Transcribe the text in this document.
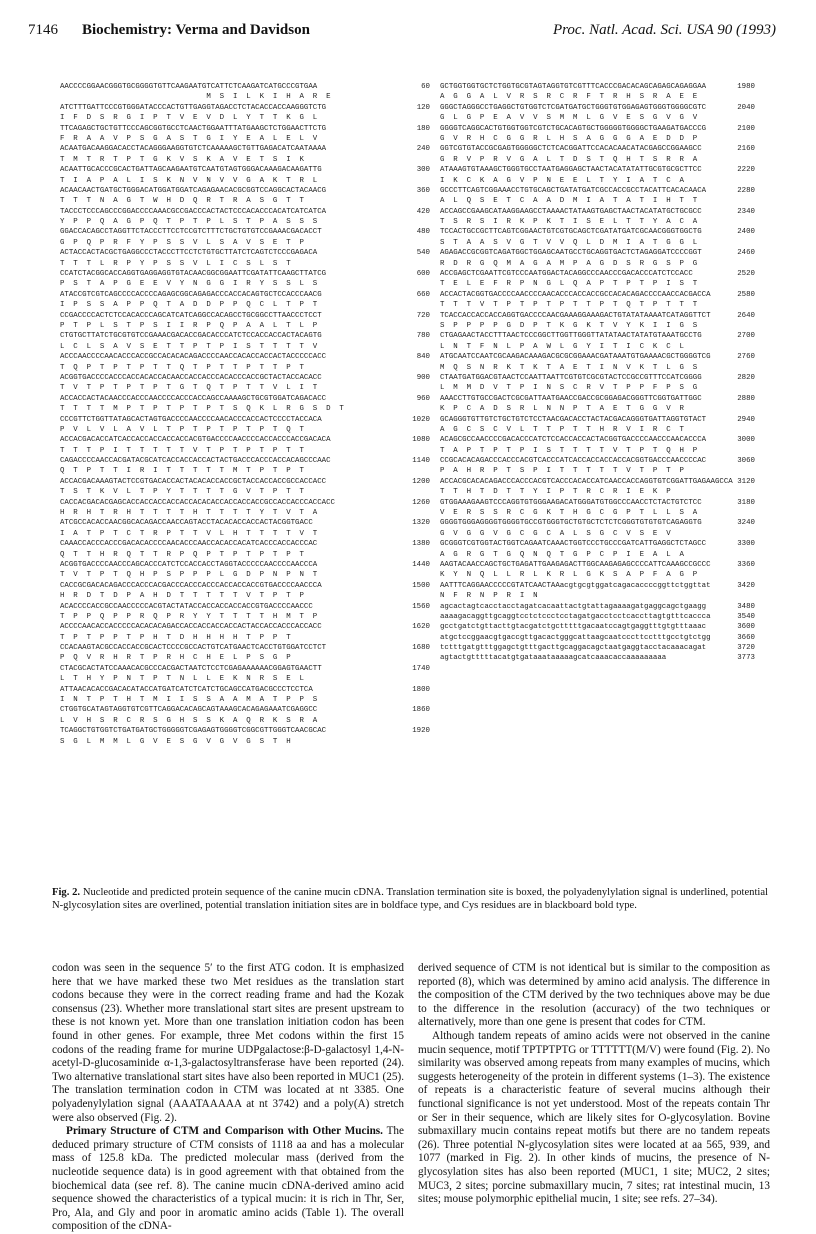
7146 Biochemistry: Verma and Davidson	Proc. Natl. Acad. Sci. USA 90 (1993)
AACCCCGGAACGGGTGCGGGGTGTTCAAGAATGTCATTCTCAAGATCATGCCCGTGAA	60
M  S  I  L  K  I  H  A  R  E
ATCTTTGATTCCCGTGGGATACCCACTGTTGAGGTAGACCTCTACACCACCAAGGGTCTG	120
I  F  D  S  R  G  I  P  T  V  E  V  D  L  Y  T  T  K  G  L
TTCAGAGCTGCTGTTCCCAGCGGTGCCTCAACTGGAATTTATGAAGCTCTGGAACTTCTG	180
F  R  A  A  V  P  S  G  A  S  T  G  I  Y  E  A  L  E  L  V
ACAATGACAAGGACACCTACAGGGAAGGTGTCTCAAAAAGCTGTTGAGACATCAATAAAA	240
T  M  T  R  T  P  T  G  K  V  S  K  A  V  E  T  S  I  K
ACAATTGCACCCGCACTGATTAGCAAGAATGTCAATGTAGTGGGACAAAGACAAGATTG	300
T  I  A  P  A  L  I  S  K  N  V  N  V  V  G  A  K  T  R  L
ACAACAACTGATGCTGGGACATGGATGGATCAGAGAACACGCGGTCCAGGCACTACAACG	360
T  T  T  N  A  G  T  W  H  D  Q  R  T  R  A  S  G  T  T
TACCCTCCCAGCCCGGACCCCAAACGCCGACCCACTACTCCCACACCCACATCATCATCA	420
Y  P  P  Q  A  G  P  Q  T  P  T  P  L  S  T  P  A  S  S  S
GGACCACAGCCTAGGTTCTACCCTTCCTCCGTCTTTCTGCTGTGTCCGAAACGACACCT	480
G  P  Q  P  R  F  Y  P  S  S  V  L  S  A  V  S  E  T  P
ACTACCACTACGCTGAGGCCCTACCCTTCCTCTGTGCTTATCTCAGTCTCCCGAGACA	540
T  T  T  L  R  P  Y  P  S  S  V  L  I  C  S  L  S  T
CCATCTACGGCACCAGGTGAGGAGGTGTACAACGGCGGAATTCGATATTCAAGCTTATCG	600
P  S  T  A  P  G  E  E  V  Y  N  G  G  I  R  Y  S  S  L  S
ATACCGTCGTCAGCCCCACCCCAGAGCGGCAGAGACCCACCACAGTGCTCCACCCAACG	660
I  P  S  S  A  P  P  Q  T  A  D  D  P  P  Q  C  L  T  P  T
CCGACCCCACTCTCCACACCCAGCATCATCAGGCCACAGCCTGCGGCCTTAACCCTCCT	720
P  T  P  L  S  T  P  S  I  I  R  P  Q  P  A  A  L  T  L  P
CTGTGCTTATCTGCGTGTCCGAAACGACACCGACACCCATCTCCACCACCACTACAGTG	780
L  C  L  S  A  V  S  E  T  T  P  T  P  I  S  T  T  T  T  V
ACCCAACCCCAACACCCACCGCCACACACAGACCCCAACCACACCACCACTACCCCCACC	840
T  Q  P  T  P  T  P  T  T  Q  T  P  T  T  P  T  T  P  T
ACGGTGACCCCACCCACCACACCACAACCACCACCCACACCCACCGCTACTACCACACC	900
T  V  T  P  T  P  T  P  T  G  T  Q  T  P  T  T  V  L  I  T
ACCACCACTACAACCCACCCAACCCCACCCACCAGCCAAAAGCTGCGTGGATCAGACACC	960
T  T  T  T  M  P  T  P  T  P  T  P  T  S  Q  K  L  R  G  S  D  T
CCCGTTCTGGTTATAGCACTAGTGACCCCAACCCCAACACCCACCACTCCCCTACCACA	1020
P  V  L  V  L  A  V  L  T  P  T  P  T  P  T  P  T  Q  T
ACCACGACACCATCACCACCACCACCACCACGTGACCCCAACCCCACCACCCACCGACACA	1080
T  T  T  P  I  T  T  T  T  T  V  T  P  T  P  T  P  T  T
CAGACCCCAACCACGATACGCATCACCACCACCACTACTGACCCACCCACCACAGCCCAAC	1140
Q  T  P  T  T  I  R  I  T  T  T  T  T  M  T  P  T  P  T
ACCACGACAAAGTACTCCGTGACACCACTACACACCACCGCTACCACCACCGCCACCACC	1200
T  S  T  K  V  L  T  P  Y  T  T  T  T  G  V  T  P  T  T
CACCACGACACGAGCACCACCACCACCACCACACACCACCACCACCGCCACCACCCACCACC	1260
H  R  H  T  R  H  T  T  T  T  H  T  T  T  T  Y  T  V  T  A
ATCGCCACACCAACGGCACAGACCAACCAGTACCTACACACCACCACTACGGTGACC	1320
I  A  T  P  T  C  T  R  P  T  T  V  L  H  T  T  T  T  V  T
CAAACCACCCACCCGACACACCCCAACACCCAACCACACCACATCACCCACCACCCAC	1380
Q  T  T  H  R  Q  T  T  R  P  Q  P  T  P  T  P  T  P  T
ACGGTGACCCCAACCCAGCACCCATCTCCACCACCTAGGTACCCCCAACCCCAACCCA	1440
T  V  T  P  T  Q  H  P  S  P  P  P  L  G  D  P  N  P  N  T
CACCGCGACACAGACCCACCCACGACCCACCCACCCACCACCACCGTGACCCCAACCCA	1500
H  R  D  T  D  P  A  H  D  T  T  T  T  T  V  T  P  T  P
ACACCCCACCGCCAACCCCCACGTACTATACCACCACCACCACCGTGACCCCAACCC	1560
T  P  P  Q  P  P  R  Q  P  R  Y  Y  T  T  T  T  H  M  T  P
ACCCCAACACCACCCCCACACACAGACCACCACCACCACCACTACCACCACCCACCACC	1620
T  P  T  P  P  T  P  H  T  D  H  H  H  H  T  P  P  T
CCACAAGTACGCCACCACCGCACTCCCCGCCACTGTCATGAACTCACCTGTGGATCCTCT	1680
P  Q  V  R  H  R  T  P  R  H  C  H  E  L  P  S  G  P
CTACGCACTATCCAAACACGCCCACGACTAATCTCCTCGAGAAAAAACGGAGTGAACTT	1740
L  T  H  Y  P  N  T  P  T  N  L  L  E  K  N  R  S  E  L
ATTAACACACCGACACATACCATGATCATCTCATCTGCAGCCATGACGCCCTCCTCA	1800
I  N  T  P  T  H  T  M  I  I  S  S  A  A  M  A  T  P  P  S
CTGGTGCATAGTAGGTGTCGTTCAGGACACAGCAGTAAAGCACAGAGAAATCGAGGCC	1860
L  V  H  S  R  C  R  S  G  H  S  S  K  A  Q  R  K  S  R  A
TCAGGCTGTGGTCTGATGATGCTGGGGGTCGAGAGTGGGGTCGGCGTTGGGTCAACGCAC	1920
S  G  L  M  M  L  G  V  E  S  G  V  G  V  G  S  T  H
GCTGGTGGTGCTCTGGTGCGTAGTAGGTGTCGTTTCACCCGACACAGCAGAGCAGAGGAA	1980
A  G  G  A  L  V  R  S  R  C  R  F  T  R  H  S  R  A  E  E
GGGCTAGGGCCTGAGGCTGTGGTCTCGATGATGCTGGGTGTGGAGAGTGGGTGGGGCGTC	2040
G  L  G  P  E  A  V  V  S  M  M  L  G  V  E  S  G  V  G  V
GGGGTCAGGCACTGTGGTGGTCGTCTGCACAGTGCTGGGGGTGGGGCTGAAGATGACCCG	2100
G  V  R  H  C  G  G  R  L  H  S  A  G  G  G  A  E  D  D  P
GGTCGTGTACCGCGAGTGGGGGCTCTCACGGATTCCACACAACATACGAGCCGGAAGCC	2160
G  R  V  P  R  V  G  A  L  T  D  S  T  Q  H  T  S  R  R  A
ATAAAGTGTAAAGCTGGGTGCCTAATGAGGAGCTAACTACATATATTGCGTGCGCTTCC	2220
I  K  C  K  A  G  V  P  N  E  E  L  T  Y  I  A  T  C  A
GCCCTTCAGTCGGAAACCTGTGCAGCTGATATGATCGCCACCGCCTACATTCACACAACA	2280
A  L  Q  S  E  T  C  A  A  D  M  I  A  T  A  T  I  H  T  T
ACCAGCCGAAGCATAAGGAAGCCTAAAACTATAAGTGAGCTAACTACATATGCTGCGCC	2340
T  S  R  S  I  R  K  P  K  T  I  S  E  L  T  T  Y  A  C  A
TCCACTGCCGCTTCAGTCGGAACTGTCGTGCAGCTCGATATGATCGCAACGGGTGGCTG	2400
S  T  A  A  S  V  G  T  V  V  Q  L  D  M  I  A  T  G  G  L
AGAGACCGCGGTCAGATGGCTGGAGCAATGCCTGCAGGTGACTCTAGAGGATCCCCGGT	2460
R  D  R  G  Q  M  A  G  A  M  P  A  G  D  S  R  G  S  P  G
ACCGAGCTCGAATTCGTCCCAATGGACTACAGGCCCAACCCGACACCCATCTCCACC	2520
T  E  L  E  F  R  P  N  G  L  Q  A  P  T  P  T  P  I  S  T
ACCACTACGGTGACCCCAACCCCAACACCCACCACCGCCACACAGACCCCAACCACGACCA	2580
T  T  T  V  T  P  T  P  T  P  T  T  P  T  Q  T  P  T  T  T
TCACCACCACCACCAGGTGACCCCAACGAAAGGAAAGACTGTATATAAAATCATAGGTTCT	2640
S  P  P  P  P  G  D  P  T  K  G  K  T  V  Y  K  I  I  G  S
CTGAGAACTACCTTTAACTCCCGGCTTGGTTGGGTTATATAACTATATGTAAATGCCTG	2700
L  N  T  F  N  L  P  A  W  L  G  Y  I  T  I  C  K  C  L
ATGCAATCCAATCGCAAGACAAAGACGCGCGGAAACGATAAATGTGAAAACGCTGGGGTCG	2760
M  Q  S  N  R  K  T  K  T  A  E  T  I  N  V  K  T  L  G  S
CTAATGATGGACGTAACTCCAATTAATTCGTGTCGCGTACTCCGCCGTTTCCATCGGGG	2820
L  M  M  D  V  T  P  I  N  S  C  R  V  T  P  P  F  P  S  G
AAACCTTGTGCCGACTCGCGATTAATGAACCGACCGCGGAGACGGGTTCGGTGATTGGC	2880
K  P  C  A  D  S  R  L  N  N  P  T  A  E  T  G  G  V  R
GCAGGGTGTTGTCTGCTGTCTCCTAACGACACCTACTACGACAGGGTGATTAGGTGTACT	2940
A  G  C  S  C  V  L  T  T  P  T  T  H  R  V  I  R  C  T
ACAGCGCCAACCCCGACACCCATCTCCACCACCACTACGGTGACCCCAACCCAACACCCA	3000
T  A  P  T  P  T  P  I  S  T  T  T  T  V  T  P  T  Q  H  P
CCGCACACAGACCCACCCACGTCACCCATCACCACCACCACCACGGTGACCCAACCCCAC	3060
P  A  H  R  P  T  S  P  I  T  T  T  T  T  V  T  P  T  P
ACCACGCACACAGACCCACCCACGTCACCCACACCATCAACCACCAGGTGTCGGATTGAGAAGCCA 3120
T  T  H  T  D  T  T  Y  I  P  T  R  C  R  I  E  K  P
GTGGAAAGAAGTCCCAGGTGTGGGAAGACATGGGATGTGGCCCAACCTCTACTGTCTCC	3180
V  E  R  S  S  R  C  G  K  T  H  G  C  G  P  T  L  L  S  A
GGGGTGGGAGGGGTGGGGTGCCGTGGGTGCTGTGCTCTCTCGGGTGTGTGTCAGAGGTG	3240
G  V  G  G  V  G  C  G  C  A  L  S  G  C  V  S  E  V
GCGGGTCGTGGTACTGGTCAGAATCAAACTGGTCCCTGCCCGATCATTGAGGCTCTAGCC	3300
A  G  R  G  T  G  Q  N  Q  T  G  P  C  P  I  E  A  L  A
AAGTACAACCAGCTGCTGAGATTGAAGAGACTTGGCAAGAGAGCCCCATTCAAAGCCGCCC	3360
K  Y  N  Q  L  L  R  L  K  R  L  G  K  S  A  P  F  A  G  P
AATTTCAGGAACCCCCGTATCAACTAAacgtgcgtggatcagacaccccggttctggttat	3420
N  F  R  N  P  R  I  N
agcactagtcacctacctagatcacaattactgtattagaaaagatgaggcagctgaagg	3480
aaaagacaggttgcaggtcctctccctcctagatgacctcctcaccttagtgtttcaccca	3540
gcctgatctgttacttgtacgatctgctttttgacaatccagtgaggtttgtgtttaaac	3600
atgctccggaacgtgaccgttgacactgggcattaagcaatcccttcctttgcctgtctgg	3660
tctttgatgtttggagctgtttgacttgcaggacagctaatgaggtacctacaaacagat	3720
agtactgtttttacatgtgataaataaaaagcatcaaacaccaaaaaaaaa	3773
Fig. 2. Nucleotide and predicted protein sequence of the canine mucin cDNA. Translation termination site is boxed, the polyadenylylation signal is underlined, potential N-glycosylation sites are overlined, potential translation initiation sites are in boldface type, and Cys residues are in blackboard bold type.

codon was seen in the sequence 5′ to the first ATG codon. It is emphasized here that we have marked these two Met residues as the translation start codons because they were in the correct reading frame and had the Kozak consensus (23). Whether more translational start sites are present upstream to these is not known yet. More than one translation initiation codon has been found in other genes. For example, three Met codons within the first 15 codons of the reading frame for murine UDPgalactose:β-D-galactosyl 1,4-N-acetyl-D-glucosaminide α-1,3-galactosyltransferase have been reported (24). Two alternative translational start sites have also been reported in MUC1 (25). The translation termination codon in CTM was located at nt 3385. One polyadenylylation signal (AAATAAAAA at nt 3742) and a poly(A) stretch were also observed (Fig. 2).

Primary Structure of CTM and Comparison with Other Mucins. The deduced primary structure of CTM consists of 1118 aa and has a molecular mass of 125.8 kDa. The predicted molecular mass (derived from the nucleotide sequence data) is in good agreement with that obtained from the biochemical data (see ref. 8). The canine mucin cDNA-derived amino acid sequence showed the characteristics of a typical mucin: it is rich in Thr, Ser, Pro, Ala, and Gly and poor in aromatic amino acids (Table 1). The overall composition of the cDNA-

derived sequence of CTM is not identical but is similar to the composition as reported (8), which was determined by amino acid analysis. The difference in the composition of the CTM derived by the two techniques above may be due to the difference in the resolution (accuracy) of the two techniques or alternatively, more than one gene is present that codes for CTM.

Although tandem repeats of amino acids were not observed in the canine mucin sequence, motif TPTPTPTG or TTTTTT(M/V) were found (Fig. 2). No similarity was observed among repeats from many examples of mucins, which suggests heterogeneity of the protein in different systems (1–3). The existence of repeats is a characteristic feature of several mucins although their functional significance is not yet understood. Most of the repeats contain Thr or Ser in their sequence, which are likely sites for O-glycosylation. Bovine submaxillary mucin contains repeat motifs but there are no tandem repeats (26). Three potential N-glycosylation sites were located at aa 565, 939, and 1077 (marked in Fig. 2). In other kinds of mucins, the presence of N-glycosylation sites has also been reported (MUC1, 1 site; MUC2, 2 sites; MUC3, 2 sites; porcine submaxillary mucin, 7 sites; rat intestinal mucin, 13 sites; mouse polymorphic epithelial mucin, 1 site; see refs. 27–34).
